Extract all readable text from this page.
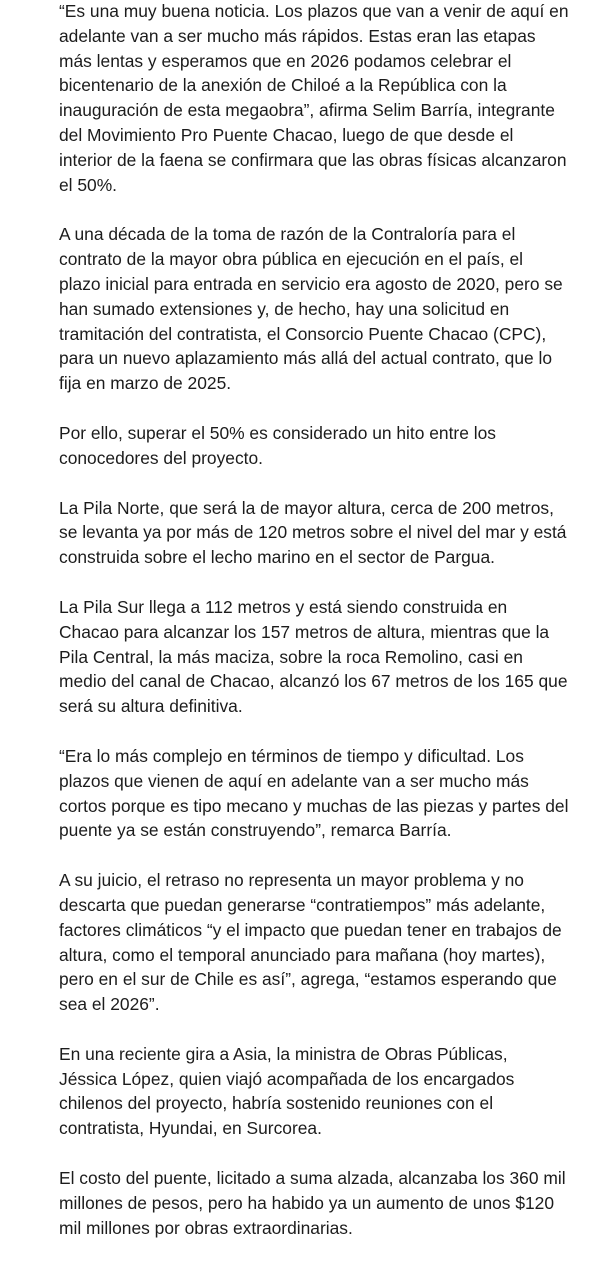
“Es una muy buena noticia. Los plazos que van a venir de aquí en adelante van a ser mucho más rápidos. Estas eran las etapas más lentas y esperamos que en 2026 podamos celebrar el bicentenario de la anexión de Chiloé a la República con la inauguración de esta megaobra”, afirma Selim Barría, integrante del Movimiento Pro Puente Chacao, luego de que desde el interior de la faena se confirmara que las obras físicas alcanzaron el 50%.

A una década de la toma de razón de la Contraloría para el contrato de la mayor obra pública en ejecución en el país, el plazo inicial para entrada en servicio era agosto de 2020, pero se han sumado extensiones y, de hecho, hay una solicitud en tramitación del contratista, el Consorcio Puente Chacao (CPC), para un nuevo aplazamiento más allá del actual contrato, que lo fija en marzo de 2025.

Por ello, superar el 50% es considerado un hito entre los conocedores del proyecto.

La Pila Norte, que será la de mayor altura, cerca de 200 metros, se levanta ya por más de 120 metros sobre el nivel del mar y está construida sobre el lecho marino en el sector de Pargua.

La Pila Sur llega a 112 metros y está siendo construida en Chacao para alcanzar los 157 metros de altura, mientras que la Pila Central, la más maciza, sobre la roca Remolino, casi en medio del canal de Chacao, alcanzó los 67 metros de los 165 que será su altura definitiva.

“Era lo más complejo en términos de tiempo y dificultad. Los plazos que vienen de aquí en adelante van a ser mucho más cortos porque es tipo mecano y muchas de las piezas y partes del puente ya se están construyendo”, remarca Barría.

A su juicio, el retraso no representa un mayor problema y no descarta que puedan generarse “contratiempos” más adelante, factores climáticos “y el impacto que puedan tener en trabajos de altura, como el temporal anunciado para mañana (hoy martes), pero en el sur de Chile es así”, agrega, “estamos esperando que sea el 2026”.

En una reciente gira a Asia, la ministra de Obras Públicas, Jéssica López, quien viajó acompañada de los encargados chilenos del proyecto, habría sostenido reuniones con el contratista, Hyundai, en Surcorea.

El costo del puente, licitado a suma alzada, alcanzaba los 360 mil millones de pesos, pero ha habido ya un aumento de unos $120 mil millones por obras extraordinarias.
